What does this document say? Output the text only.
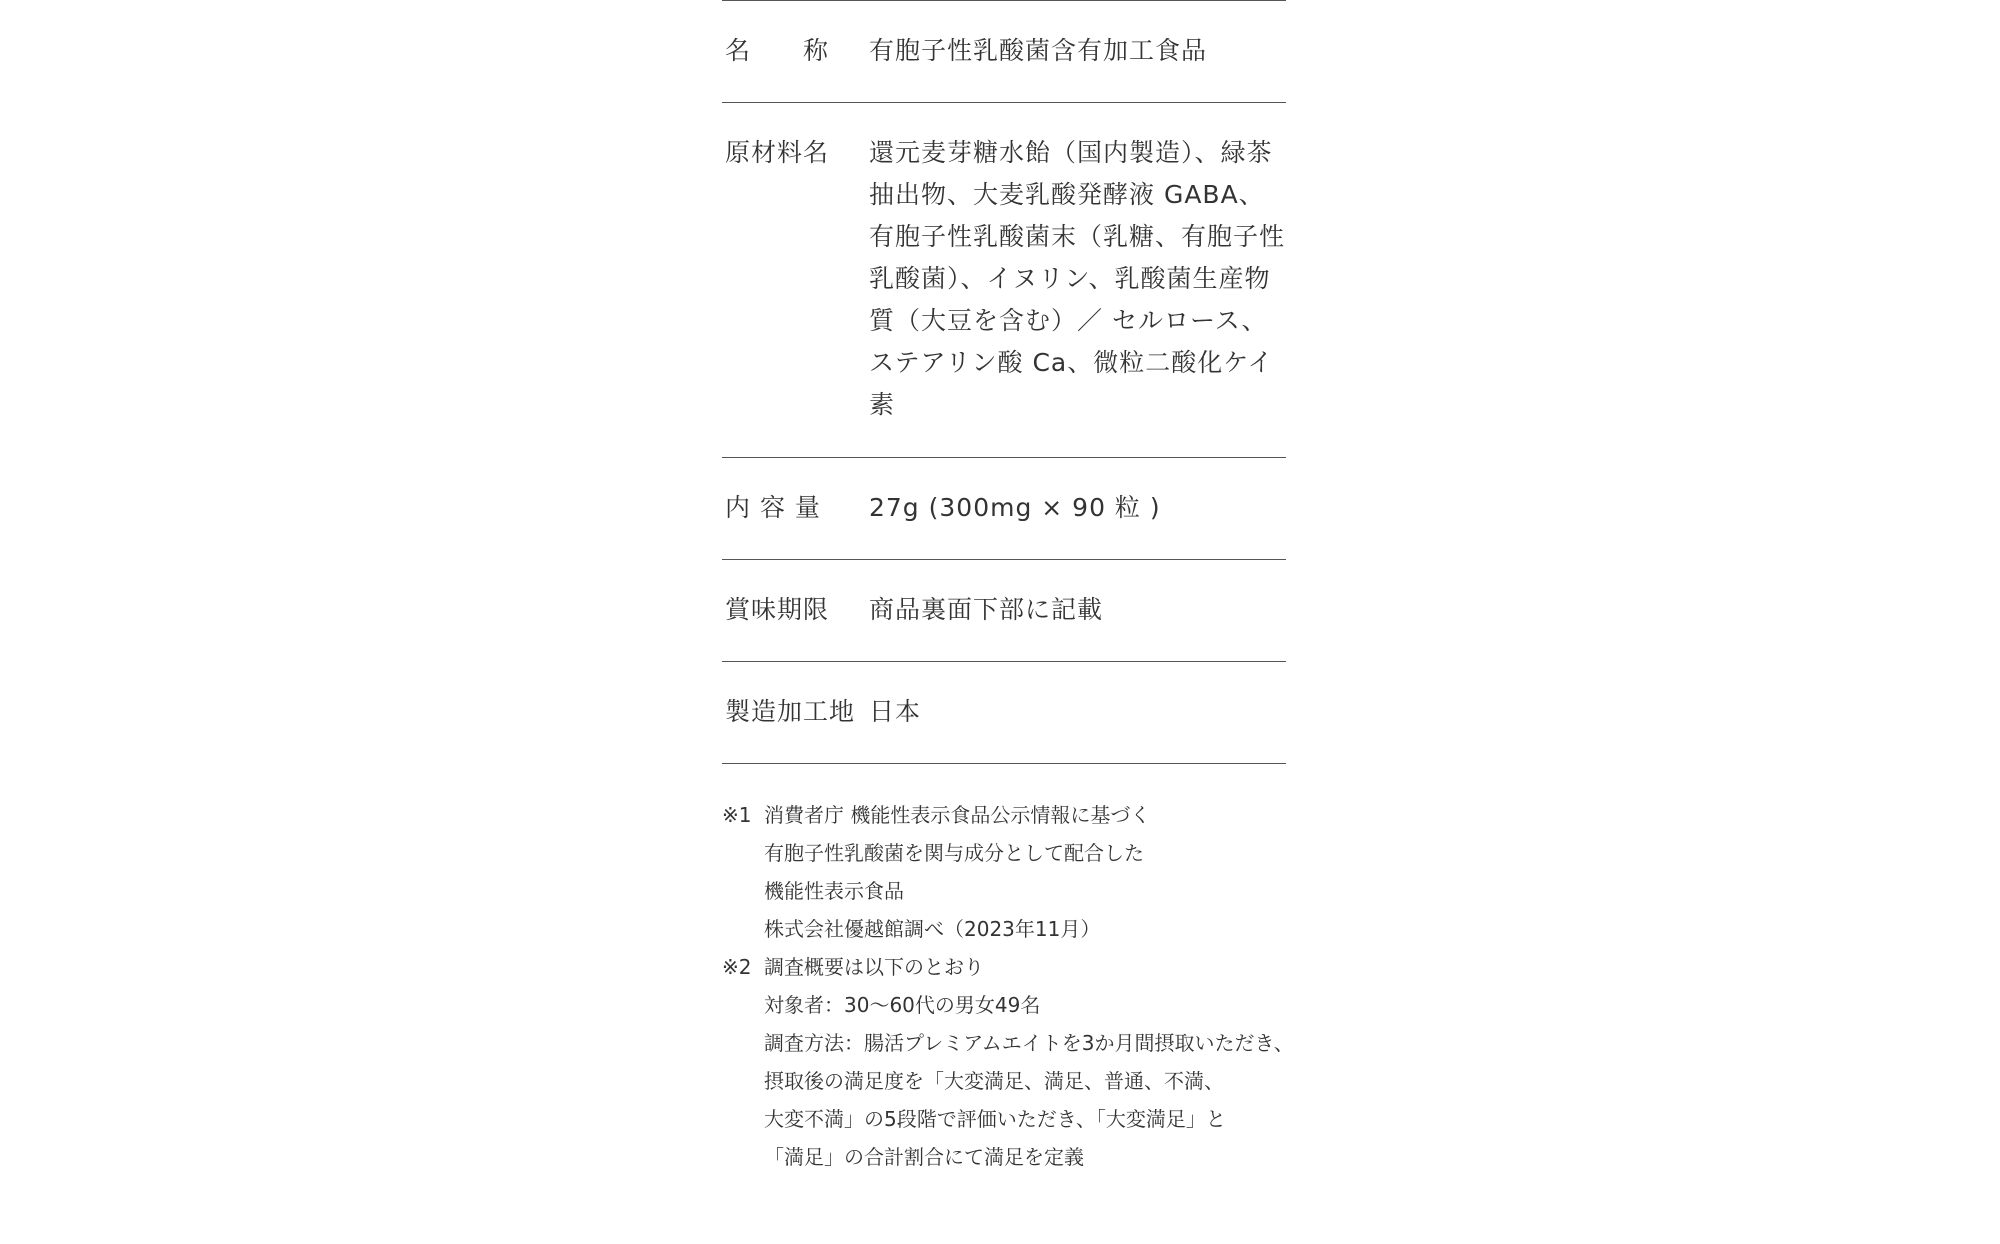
名　　称	有胞子性乳酸菌含有加工食品
原材料名	還元麦芽糖水飴（国内製造）、緑茶抽出物、大麦乳酸発酵液 GABA、有胞子性乳酸菌末（乳糖、有胞子性乳酸菌）、イヌリン、乳酸菌生産物質（大豆を含む）／ セルロース、ステアリン酸 Ca、微粒二酸化ケイ素
内 容 量	27g (300mg × 90 粒 )
賞味期限	商品裏面下部に記載
製造加工地 日本
※1 消費者庁 機能性表示食品公示情報に基づく
有胞子性乳酸菌を関与成分として配合した
機能性表示食品
株式会社優越館調べ（2023年11月）
※2 調査概要は以下のとおり
対象者：30〜60代の男女49名
調査方法：腸活プレミアムエイトを3か月間摂取いただき、
摂取後の満足度を「大変満足、満足、普通、不満、
大変不満」の5段階で評価いただき、「大変満足」と
「満足」の合計割合にて満足を定義
